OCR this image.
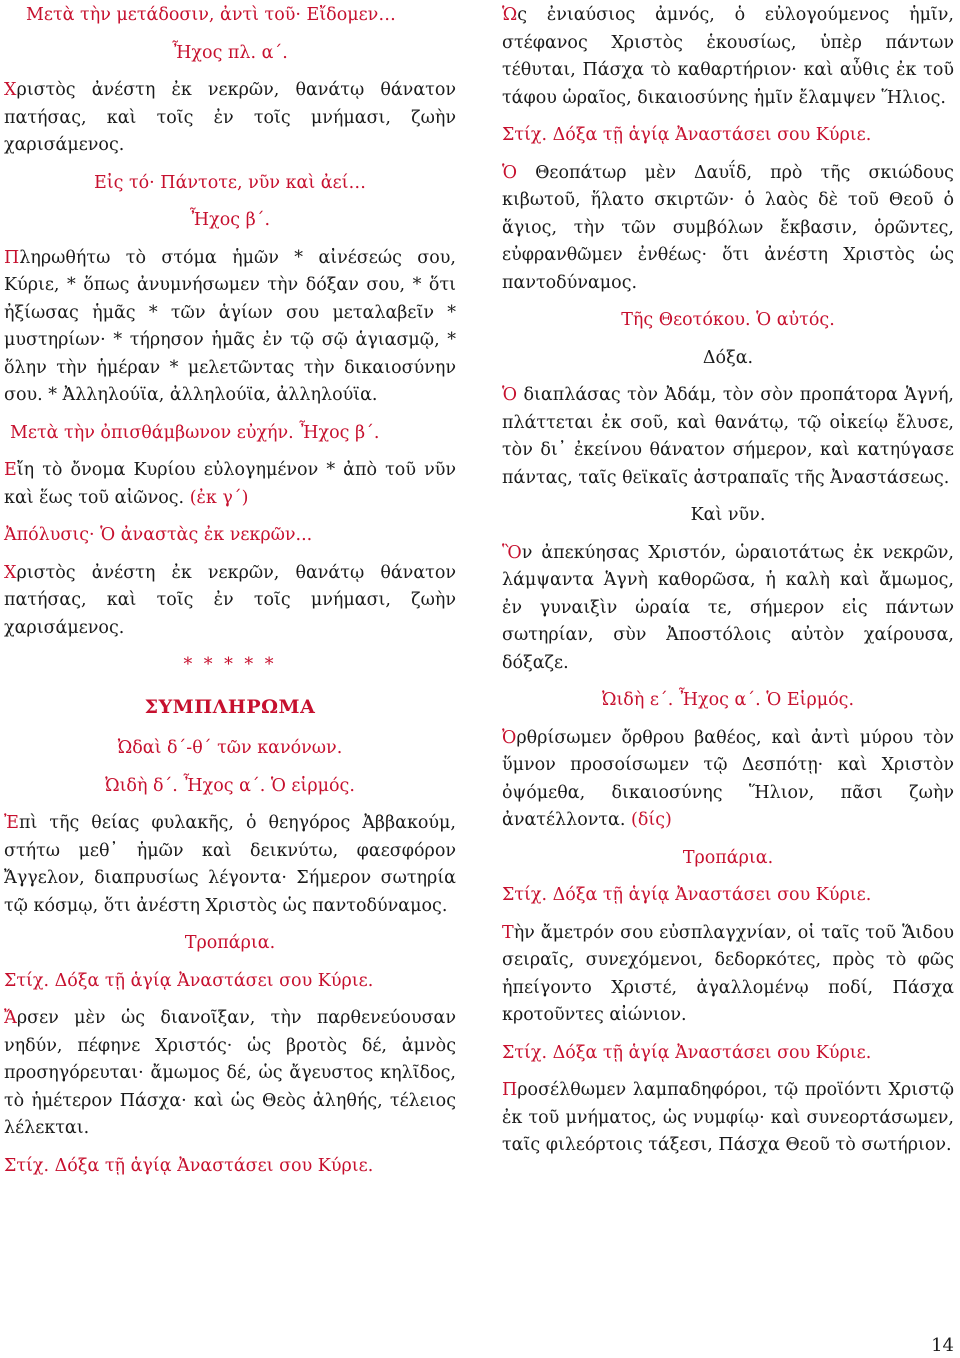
Μετὰ τὴν μετάδοσιν, ἀντὶ τοῦ· Εἴδομεν…

Ἦχος πλ. α΄.

Χριστὸς ἀνέστη ἐκ νεκρῶν, θανάτῳ θάνατον πατήσας, καὶ τοῖς ἐν τοῖς μνήμασι, ζωὴν χαρισάμενος.

Εἰς τό· Πάντοτε, νῦν καὶ ἀεί…

Ἦχος β΄.

Πληρωθήτω τὸ στόμα ἡμῶν * αἰνέσεώς σου, Κύριε, * ὅπως ἀνυμνήσωμεν τὴν δόξαν σου, * ὅτι ἠξίωσας ἡμᾶς * τῶν ἁγίων σου μεταλαβεῖν * μυστηρίων· * τήρησον ἡμᾶς ἐν τῷ σῷ ἁγιασμῷ, * ὅλην τὴν ἡμέραν * μελετῶντας τὴν δικαιοσύνην σου. * Ἀλληλούϊα, ἀλληλούϊα, ἀλληλούϊα.

Μετὰ τὴν ὀπισθάμβωνον εὐχήν. Ἦχος β΄.

Εἴη τὸ ὄνομα Κυρίου εὐλογημένον * ἀπὸ τοῦ νῦν καὶ ἕως τοῦ αἰῶνος. (ἐκ γ΄)

Ἀπόλυσις· Ὁ ἀναστὰς ἐκ νεκρῶν...

Χριστὸς ἀνέστη ἐκ νεκρῶν, θανάτῳ θάνατον πατήσας, καὶ τοῖς ἐν τοῖς μνήμασι, ζωὴν χαρισάμενος.

* * * * *
ΣΥΜΠΛΗΡΩΜΑ

Ὠδαὶ δ΄-θ΄ τῶν κανόνων.

Ὠιδὴ δ΄. Ἦχος α΄. Ὁ εἱρμός.

Ἐπὶ τῆς θείας φυλακῆς, ὁ θεηγόρος Ἀββακούμ, στήτω μεθ᾽ ἡμῶν καὶ δεικνύτω, φαεσφόρον Ἄγγελον, διαπρυσίως λέγοντα· Σήμερον σωτηρία τῷ κόσμῳ, ὅτι ἀνέστη Χριστὸς ὡς παντοδύναμος.

Τροπάρια.

Στίχ. Δόξα τῇ ἁγίᾳ Ἀναστάσει σου Κύριε.

Ἄρσεν μὲν ὡς διανοῖξαν, τὴν παρθενεύουσαν νηδύν, πέφηνε Χριστός· ὡς βροτὸς δέ, ἀμνὸς προσηγόρευται· ἄμωμος δέ, ὡς ἄγευστος κηλῖδος, τὸ ἡμέτερον Πάσχα· καὶ ὡς Θεὸς ἀληθής, τέλειος λέλεκται.

Στίχ. Δόξα τῇ ἁγίᾳ Ἀναστάσει σου Κύριε.

Ὡς ἐνιαύσιος ἀμνός, ὁ εὐλογούμενος ἡμῖν, στέφανος Χριστὸς ἑκουσίως, ὑπὲρ πάντων τέθυται, Πάσχα τὸ καθαρτήριον· καὶ αὖθις ἐκ τοῦ τάφου ὡραῖος, δικαιοσύνης ἡμῖν ἔλαμψεν Ἥλιος.

Στίχ. Δόξα τῇ ἁγίᾳ Ἀναστάσει σου Κύριε.

Ὁ Θεοπάτωρ μὲν Δαυΐδ, πρὸ τῆς σκιώδους κιβωτοῦ, ἥλατο σκιρτῶν· ὁ λαὸς δὲ τοῦ Θεοῦ ὁ ἅγιος, τὴν τῶν συμβόλων ἔκβασιν, ὁρῶντες, εὐφρανθῶμεν ἐνθέως· ὅτι ἀνέστη Χριστὸς ὡς παντοδύναμος.

Τῆς Θεοτόκου. Ὁ αὐτός.

Δόξα.

Ὁ διαπλάσας τὸν Ἀδάμ, τὸν σὸν προπάτορα Ἁγνή, πλάττεται ἐκ σοῦ, καὶ θανάτῳ, τῷ οἰκείῳ ἔλυσε, τὸν δι᾽ ἐκείνου θάνατον σήμερον, καὶ κατηύγασε πάντας, ταῖς θεϊκαῖς ἀστραπαῖς τῆς Ἀναστάσεως.

Καὶ νῦν.

Ὃν ἀπεκύησας Χριστόν, ὡραιοτάτως ἐκ νεκρῶν, λάμψαντα Ἁγνὴ καθορῶσα, ἡ καλὴ καὶ ἄμωμος, ἐν γυναιξὶν ὡραία τε, σήμερον εἰς πάντων σωτηρίαν, σὺν Ἀποστόλοις αὐτὸν χαίρουσα, δόξαζε.

Ὠιδὴ ε΄. Ἦχος α΄. Ὁ Εἱρμός.

Ὀρθρίσωμεν ὄρθρου βαθέος, καὶ ἀντὶ μύρου τὸν ὕμνον προσοίσωμεν τῷ Δεσπότῃ· καὶ Χριστὸν ὀψόμεθα, δικαιοσύνης Ἥλιον, πᾶσι ζωὴν ἀνατέλλοντα. (δίς)

Τροπάρια.

Στίχ. Δόξα τῇ ἁγίᾳ Ἀναστάσει σου Κύριε.

Τὴν ἄμετρόν σου εὐσπλαγχνίαν, οἱ ταῖς τοῦ Ἅιδου σειραῖς, συνεχόμενοι, δεδορκότες, πρὸς τὸ φῶς ἠπείγοντο Χριστέ, ἀγαλλομένῳ ποδί, Πάσχα κροτοῦντες αἰώνιον.

Στίχ. Δόξα τῇ ἁγίᾳ Ἀναστάσει σου Κύριε.

Προσέλθωμεν λαμπαδηφόροι, τῷ προϊόντι Χριστῷ ἐκ τοῦ μνήματος, ὡς νυμφίῳ· καὶ συνεορτάσωμεν, ταῖς φιλεόρτοις τάξεσι, Πάσχα Θεοῦ τὸ σωτήριον.

14
